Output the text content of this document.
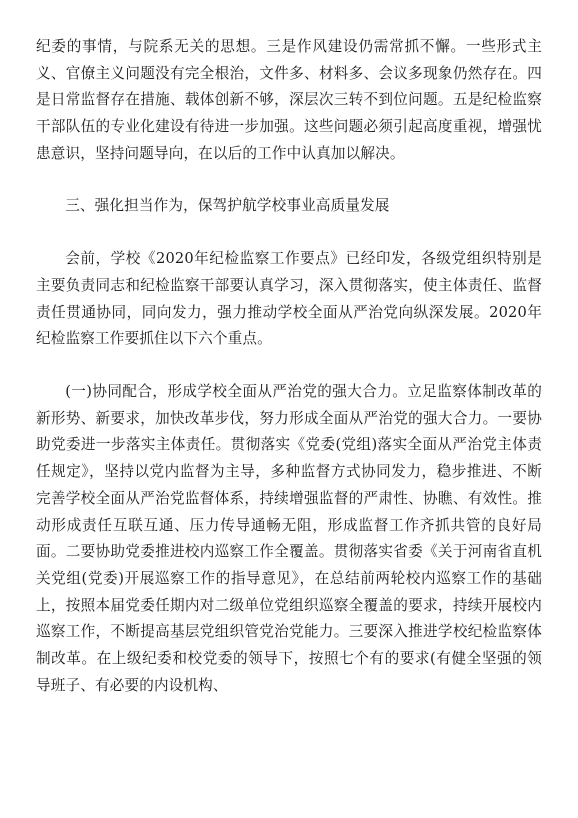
纪委的事情，与院系无关的思想。三是作风建设仍需常抓不懈。一些形式主义、官僚主义问题没有完全根治，文件多、材料多、会议多现象仍然存在。四是日常监督存在措施、载体创新不够，深层次三转不到位问题。五是纪检监察干部队伍的专业化建设有待进一步加强。这些问题必须引起高度重视，增强忧患意识，坚持问题导向，在以后的工作中认真加以解决。

三、强化担当作为，保驾护航学校事业高质量发展

会前，学校《2020年纪检监察工作要点》已经印发，各级党组织特别是主要负责同志和纪检监察干部要认真学习，深入贯彻落实，使主体责任、监督责任贯通协同，同向发力，强力推动学校全面从严治党向纵深发展。2020年纪检监察工作要抓住以下六个重点。

(一)协同配合，形成学校全面从严治党的强大合力。立足监察体制改革的新形势、新要求，加快改革步伐，努力形成全面从严治党的强大合力。一要协助党委进一步落实主体责任。贯彻落实《党委(党组)落实全面从严治党主体责任规定》，坚持以党内监督为主导，多种监督方式协同发力，稳步推进、不断完善学校全面从严治党监督体系，持续增强监督的严肃性、协瞧、有效性。推动形成责任互联互通、压力传导通畅无阻，形成监督工作齐抓共管的良好局面。二要协助党委推进校内巡察工作全覆盖。贯彻落实省委《关于河南省直机关党组(党委)开展巡察工作的指导意见》，在总结前两轮校内巡察工作的基础上，按照本届党委任期内对二级单位党组织巡察全覆盖的要求，持续开展校内巡察工作，不断提高基层党组织管党治党能力。三要深入推进学校纪检监察体制改革。在上级纪委和校党委的领导下，按照七个有的要求(有健全坚强的领导班子、有必要的内设机构、
